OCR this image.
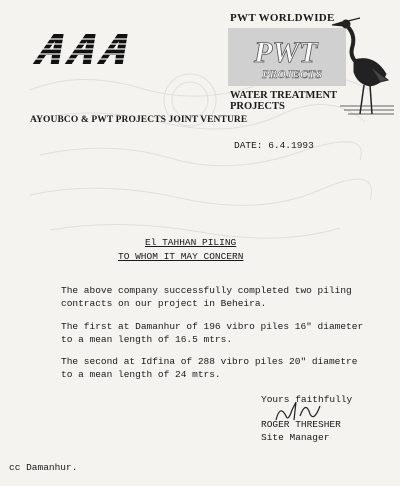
PWT WORLDWIDE
PWT
PROJECTS
WATER TREATMENT
PROJECTS
AYOUBCO & PWT PROJECTS JOINT VENTURE
DATE: 6.4.1993
El TAHHAN PILING
TO WHOM IT MAY CONCERN
The above company successfully completed two piling
contracts on our project in Beheira.
The first at Damanhur of 196 vibro piles 16" diameter
to a mean length of 16.5 mtrs.
The second at Idfina of 288 vibro piles 20" diametre
to a mean length of 24 mtrs.
Yours faithfully
ROGER THRESHER
Site Manager
cc Damanhur.
